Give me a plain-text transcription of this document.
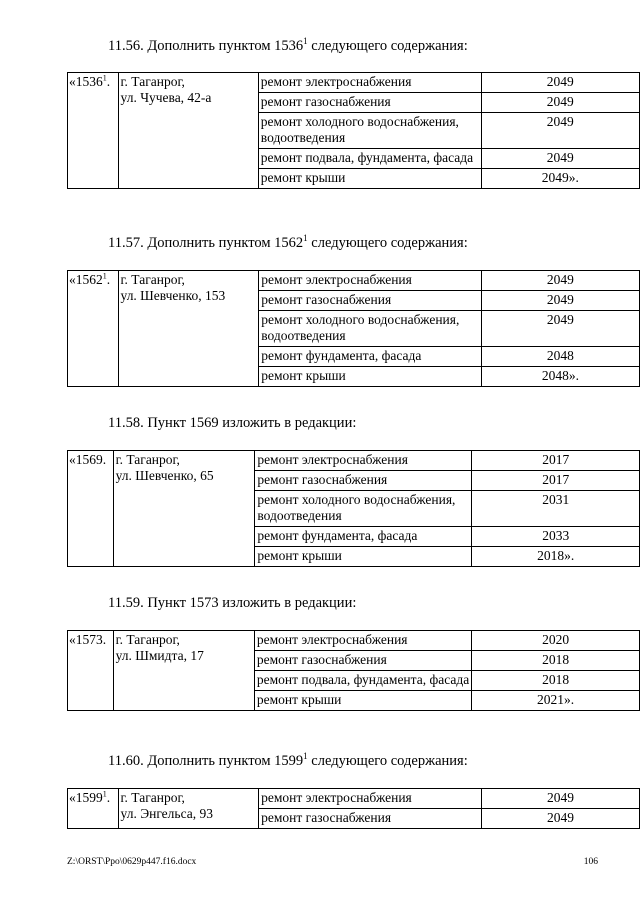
11.56. Дополнить пунктом 1536$^1$ следующего содержания:
«1536$^1$.	г. Таганрог,
ул. Чучева, 42-а	ремонт электроснабжения	2049
		ремонт газоснабжения	2049
		ремонт холодного водоснабжения, водоотведения	2049
		ремонт подвала, фундамента, фасада	2049
		ремонт крыши	2049».
11.57. Дополнить пунктом 1562$^1$ следующего содержания:
«1562$^1$.	г. Таганрог,
ул. Шевченко, 153	ремонт электроснабжения	2049
		ремонт газоснабжения	2049
		ремонт холодного водоснабжения, водоотведения	2049
		ремонт фундамента, фасада	2048
		ремонт крыши	2048».
11.58. Пункт 1569 изложить в редакции:
«1569.	г. Таганрог,
ул. Шевченко, 65	ремонт электроснабжения	2017
		ремонт газоснабжения	2017
		ремонт холодного водоснабжения, водоотведения	2031
		ремонт фундамента, фасада	2033
		ремонт крыши	2018».
11.59. Пункт 1573 изложить в редакции:
«1573.	г. Таганрог,
ул. Шмидта, 17	ремонт электроснабжения	2020
		ремонт газоснабжения	2018
		ремонт подвала, фундамента, фасада	2018
		ремонт крыши	2021».
11.60. Дополнить пунктом 1599$^1$ следующего содержания:
«1599$^1$.	г. Таганрог,
ул. Энгельса, 93	ремонт электроснабжения	2049
		ремонт газоснабжения	2049
Z:\ORST\Ppo\0629p447.f16.docx	106
